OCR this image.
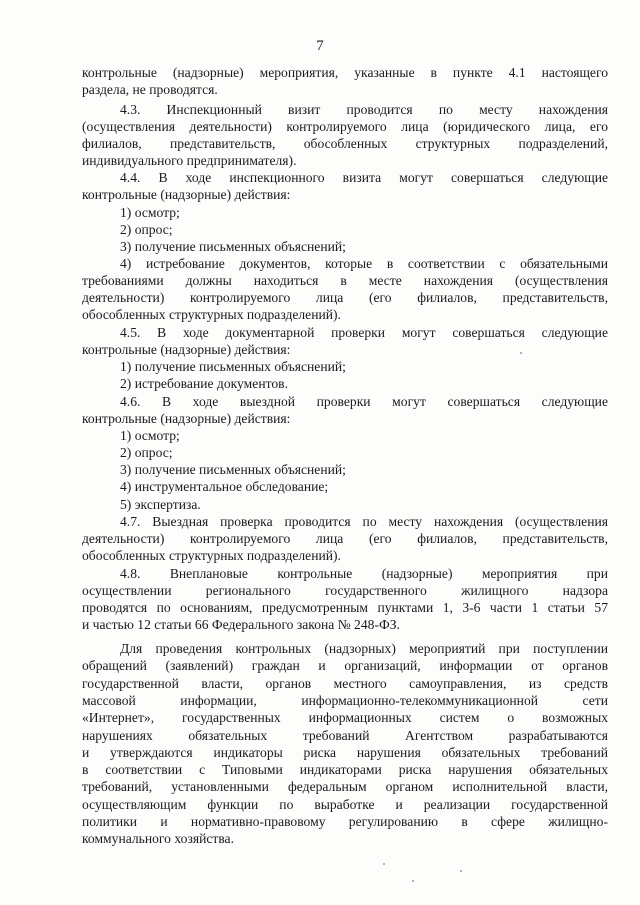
7
контрольные (надзорные) мероприятия, указанные в пункте 4.1 настоящего
раздела, не проводятся.
4.3. Инспекционный визит проводится по месту нахождения
(осуществления деятельности) контролируемого лица (юридического лица, его
филиалов, представительств, обособленных структурных подразделений,
индивидуального предпринимателя).
4.4. В ходе инспекционного визита могут совершаться следующие
контрольные (надзорные) действия:
1) осмотр;
2) опрос;
3) получение письменных объяснений;
4) истребование документов, которые в соответствии с обязательными
требованиями должны находиться в месте нахождения (осуществления
деятельности) контролируемого лица (его филиалов, представительств,
обособленных структурных подразделений).
4.5. В ходе документарной проверки могут совершаться следующие
контрольные (надзорные) действия:
1) получение письменных объяснений;
2) истребование документов.
4.6. В ходе выездной проверки могут совершаться следующие
контрольные (надзорные) действия:
1) осмотр;
2) опрос;
3) получение письменных объяснений;
4) инструментальное обследование;
5) экспертиза.
4.7. Выездная проверка проводится по месту нахождения (осуществления
деятельности) контролируемого лица (его филиалов, представительств,
обособленных структурных подразделений).
4.8. Внеплановые контрольные (надзорные) мероприятия при
осуществлении регионального государственного жилищного надзора
проводятся по основаниям, предусмотренным пунктами 1, 3-6 части 1 статьи 57
и частью 12 статьи 66 Федерального закона № 248-ФЗ.
Для проведения контрольных (надзорных) мероприятий при поступлении
обращений (заявлений) граждан и организаций, информации от органов
государственной власти, органов местного самоуправления, из средств
массовой информации, информационно-телекоммуникационной сети
«Интернет», государственных информационных систем о возможных
нарушениях обязательных требований Агентством разрабатываются
и утверждаются индикаторы риска нарушения обязательных требований
в соответствии с Типовыми индикаторами риска нарушения обязательных
требований, установленными федеральным органом исполнительной власти,
осуществляющим функции по выработке и реализации государственной
политики и нормативно-правовому регулированию в сфере жилищно-
коммунального хозяйства.
